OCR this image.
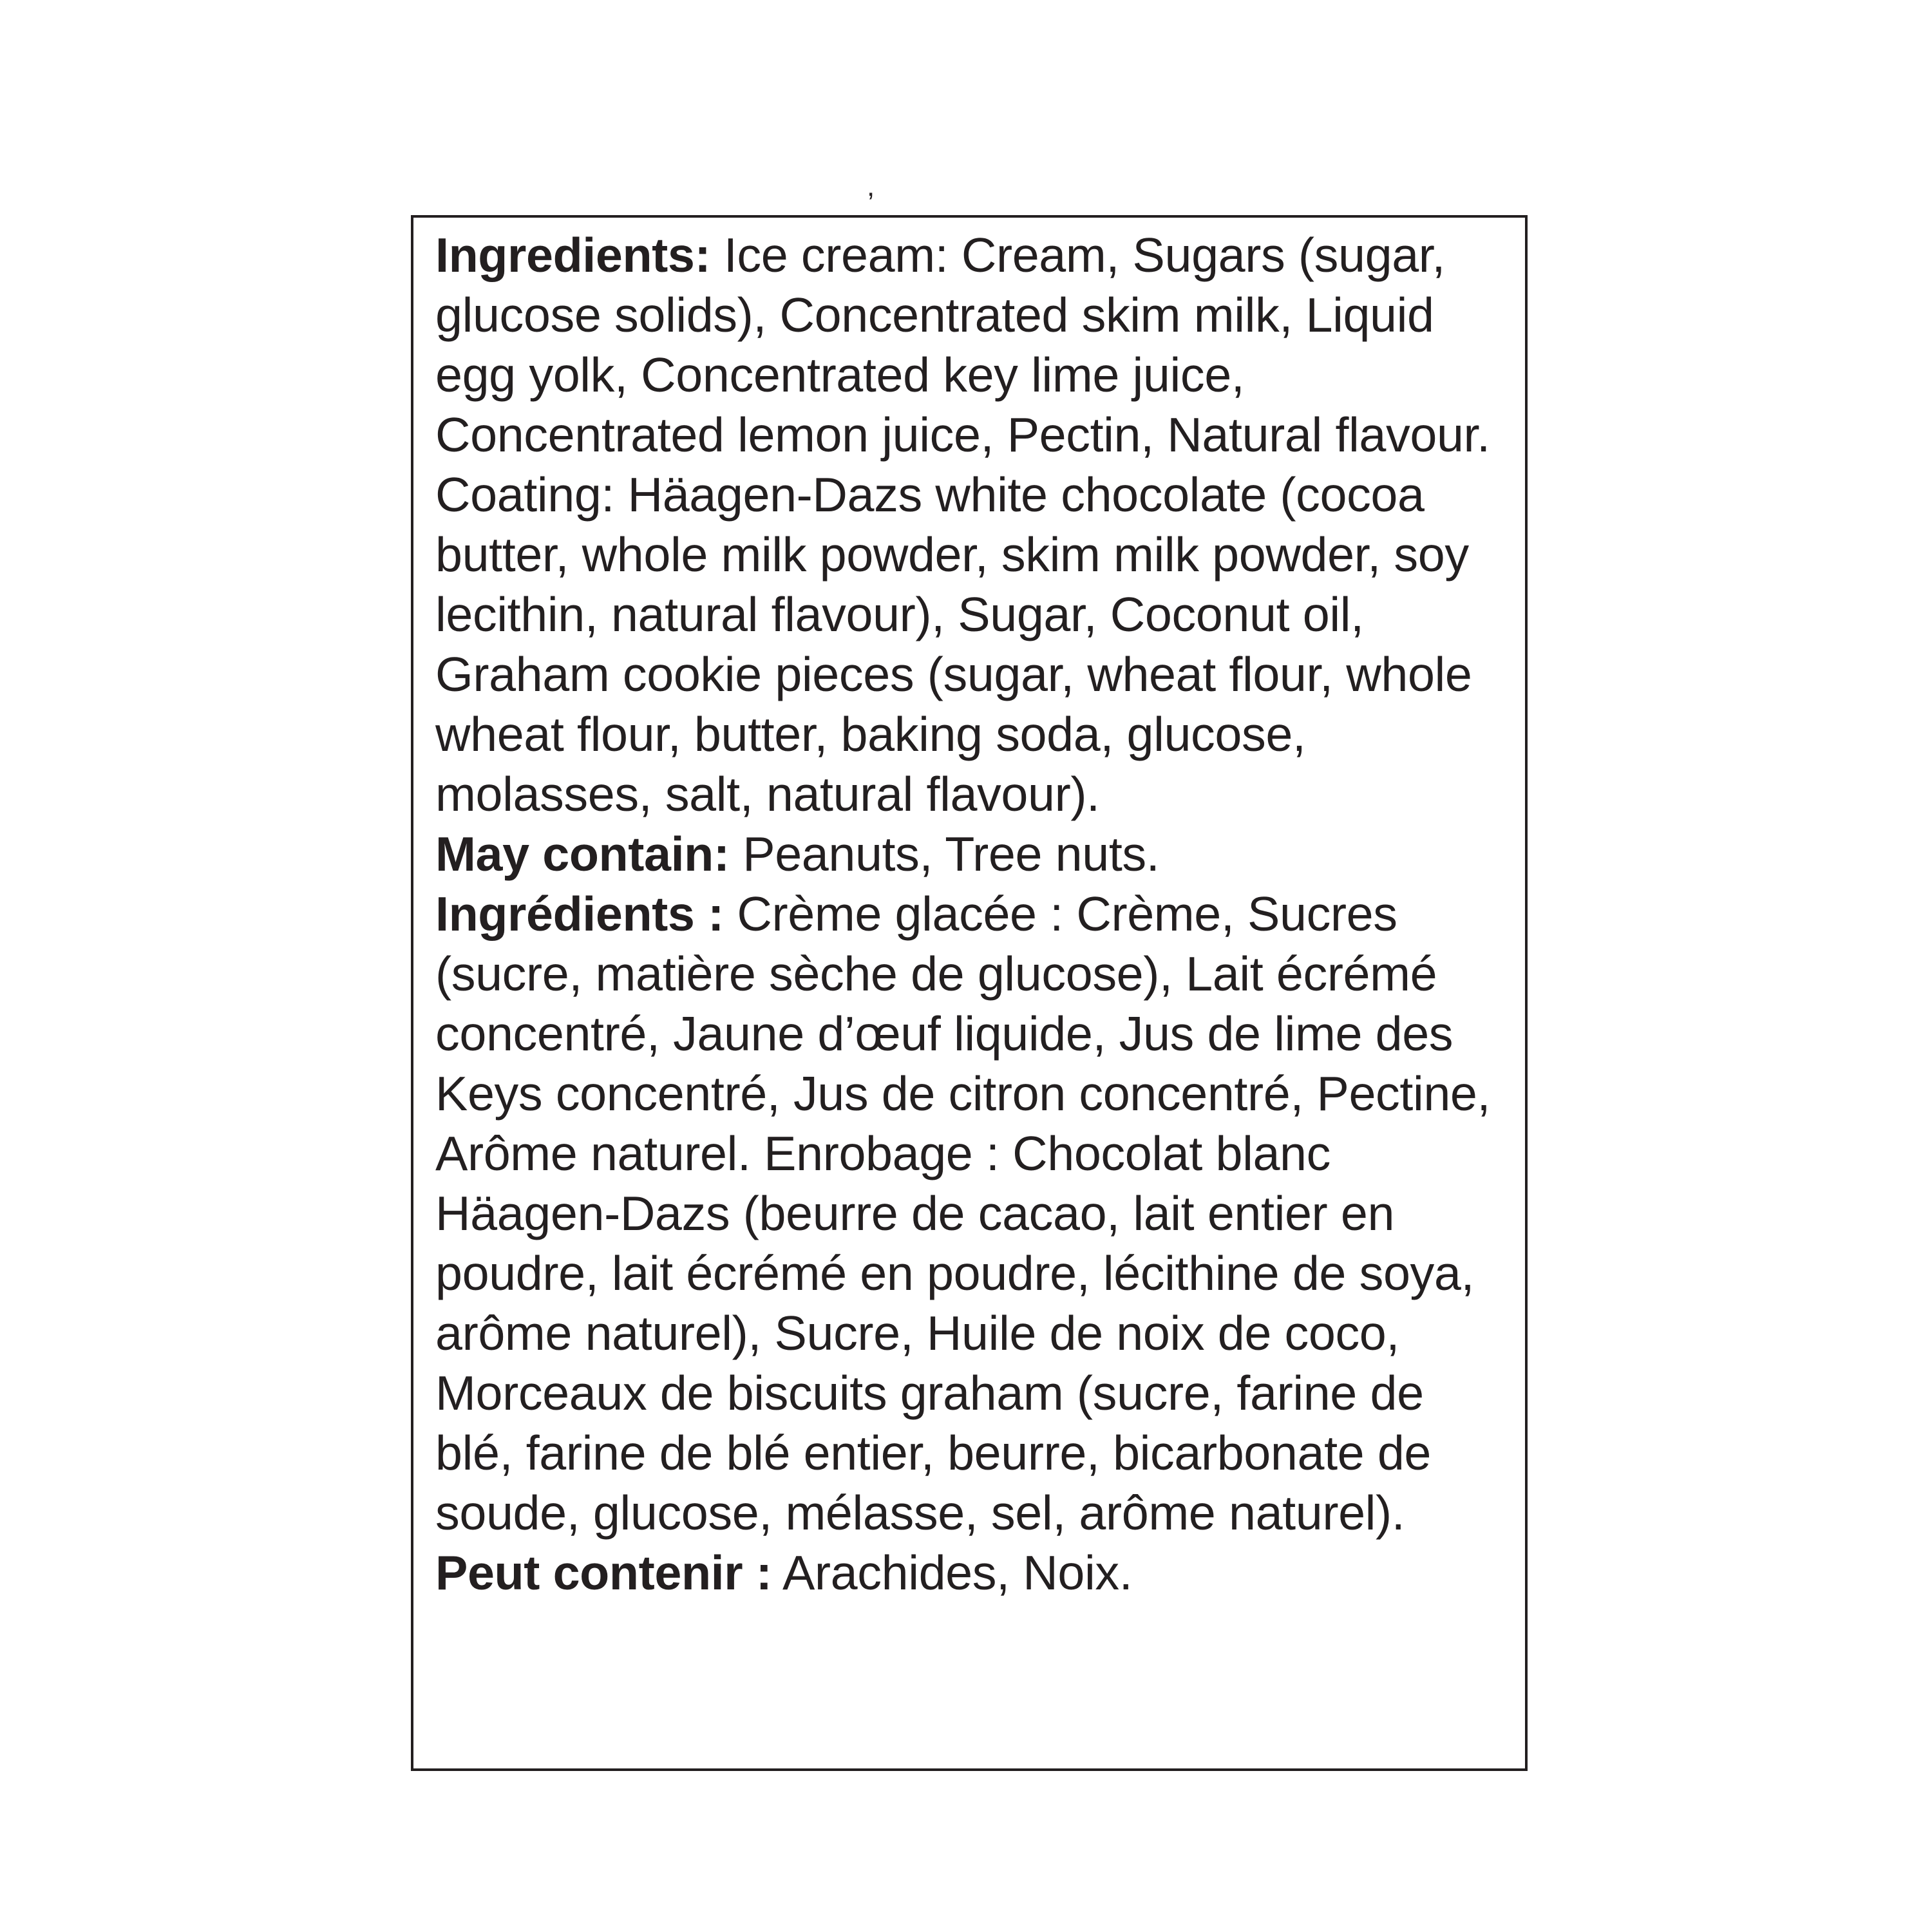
,

Ingredients: Ice cream: Cream, Sugars (sugar, glucose solids), Concentrated skim milk, Liquid egg yolk, Concentrated key lime juice, Concentrated lemon juice, Pectin, Natural flavour. Coating: Häagen-Dazs white chocolate (cocoa butter, whole milk powder, skim milk powder, soy lecithin, natural flavour), Sugar, Coconut oil, Graham cookie pieces (sugar, wheat flour, whole wheat flour, butter, baking soda, glucose, molasses, salt, natural flavour).

May contain: Peanuts, Tree nuts.

Ingrédients : Crème glacée : Crème, Sucres (sucre, matière sèche de glucose), Lait écrémé concentré, Jaune d’œuf liquide, Jus de lime des Keys concentré, Jus de citron concentré, Pectine, Arôme naturel. Enrobage : Chocolat blanc Häagen-Dazs (beurre de cacao, lait entier en poudre, lait écrémé en poudre, lécithine de soya, arôme naturel), Sucre, Huile de noix de coco, Morceaux de biscuits graham (sucre, farine de blé, farine de blé entier, beurre, bicarbonate de soude, glucose, mélasse, sel, arôme naturel).

Peut contenir : Arachides, Noix.
